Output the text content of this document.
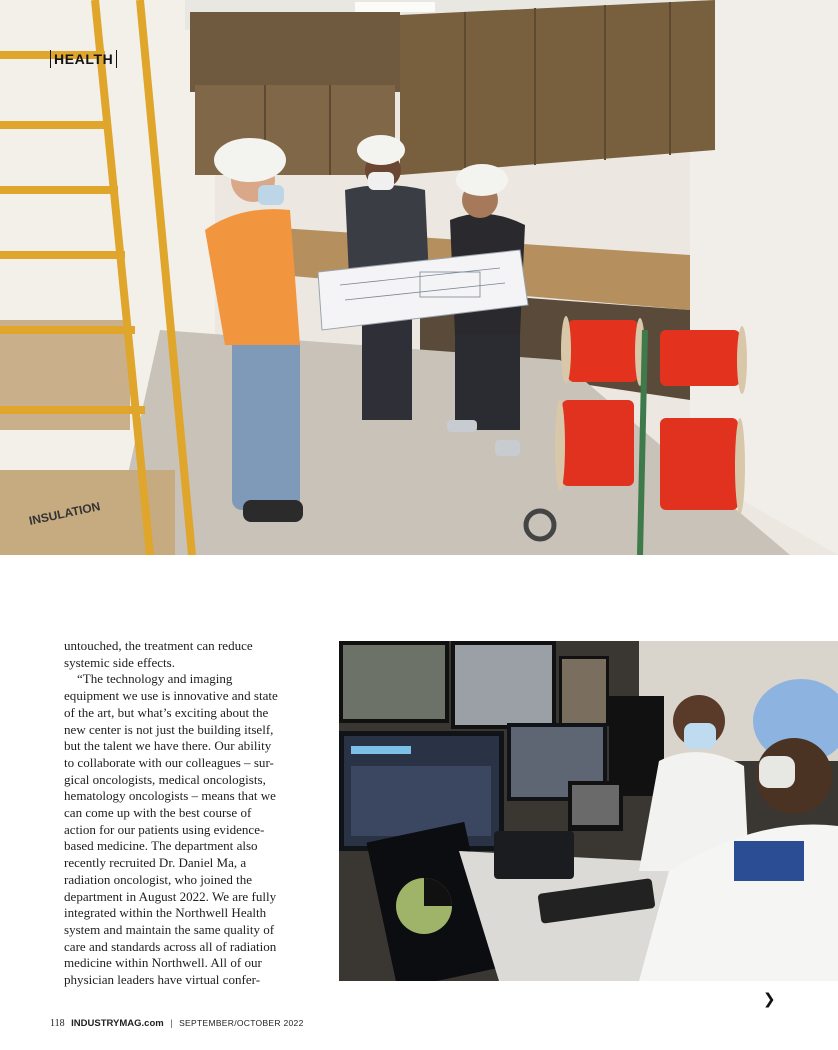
INSULATION
HEALTH

untouched, the treatment can reduce
systemic side effects.

“The technology and imaging
equipment we use is innovative and state
of the art, but what’s exciting about the
new center is not just the building itself,
but the talent we have there. Our ability
to collaborate with our colleagues – sur-
gical oncologists, medical oncologists,
hematology oncologists – means that we
can come up with the best course of
action for our patients using evidence-
based medicine. The department also
recently recruited Dr. Daniel Ma, a
radiation oncologist, who joined the
department in August 2022. We are fully
integrated within the Northwell Health
system and maintain the same quality of
care and standards across all of radiation
medicine within Northwell. All of our
physician leaders have virtual confer-

❯
118 INDUSTRYMAG.com | SEPTEMBER/OCTOBER 2022
